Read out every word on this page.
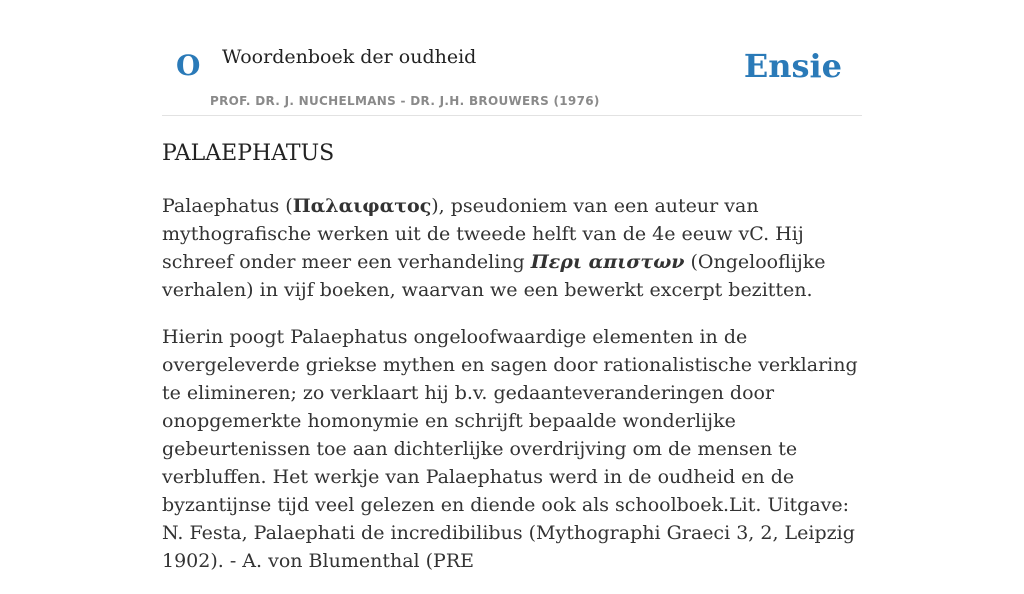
O Woordenboek der oudheid
PROF. DR. J. NUCHELMANS - DR. J.H. BROUWERS (1976)
Ensie
PALAEPHATUS

Palaephatus (Παλαιφατος), pseudoniem van een auteur van mythografische werken uit de tweede helft van de 4e eeuw vC. Hij schreef onder meer een verhandeling Περι απιστων (Ongelooflijke verhalen) in vijf boeken, waarvan we een bewerkt excerpt bezitten.

Hierin poogt Palaephatus ongeloofwaardige elementen in de overgeleverde griekse mythen en sagen door rationalistische verklaring te elimineren; zo verklaart hij b.v. gedaanteveranderingen door onopgemerkte homonymie en schrijft bepaalde wonderlijke gebeurtenissen toe aan dichterlijke overdrijving om de mensen te verbluffen. Het werkje van Palaephatus werd in de oudheid en de byzantijnse tijd veel gelezen en diende ook als schoolboek.Lit. Uitgave: N. Festa, Palaephati de incredibilibus (Mythographi Graeci 3, 2, Leipzig 1902). - A. von Blumenthal (PRE
